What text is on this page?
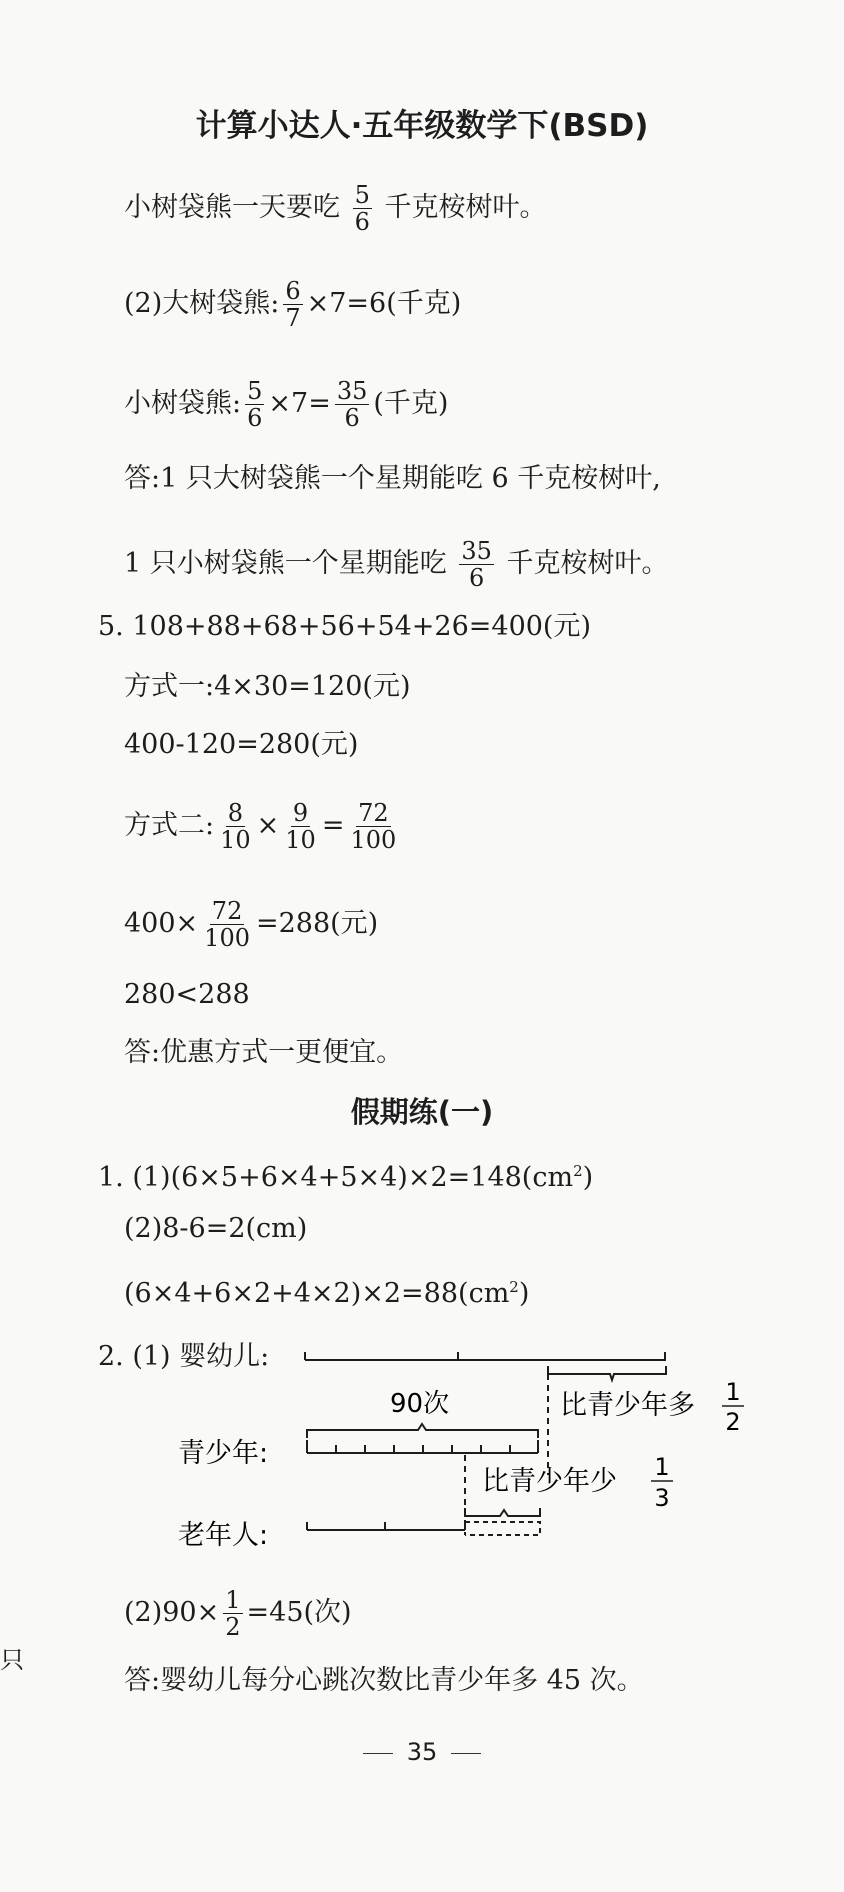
计算小达人·五年级数学下(BSD)
小树袋熊一天要吃 $\frac{5}{6}$ 千克桉树叶。
(2)大树袋熊: $\frac{6}{7} \times 7=6$(千克)
小树袋熊: $\frac{5}{6} \times 7= \frac{35}{6}$ (千克)
答:1 只大树袋熊一个星期能吃 6 千克桉树叶,
1 只小树袋熊一个星期能吃 $\frac{35}{6}$ 千克桉树叶。
5. 108+88+68+56+54+26=400(元)
方式一:4×30=120(元)
400-120=280(元)
方式二: $\frac{8}{10} \times \frac{9}{10} = \frac{72}{100}$
$400\times \frac{72}{100} =288$(元)
280<288
答:优惠方式一更便宜。
假期练(一)
1. $(1)(6\times 5+6\times 4+5\times 4)\times 2=148(cm^2)$
(2)8-6=2(cm)
$(6\times 4+6\times 2+4\times 2)\times 2=88(cm^2)$
2. (1) 婴幼儿:
90次
青少年:
老年人:
比青少年多 1
2
比青少年少 1
3
$(2)90\times \frac{1}{2} =45$(次)
答:婴幼儿每分心跳次数比青少年多 45 次。
只
35
